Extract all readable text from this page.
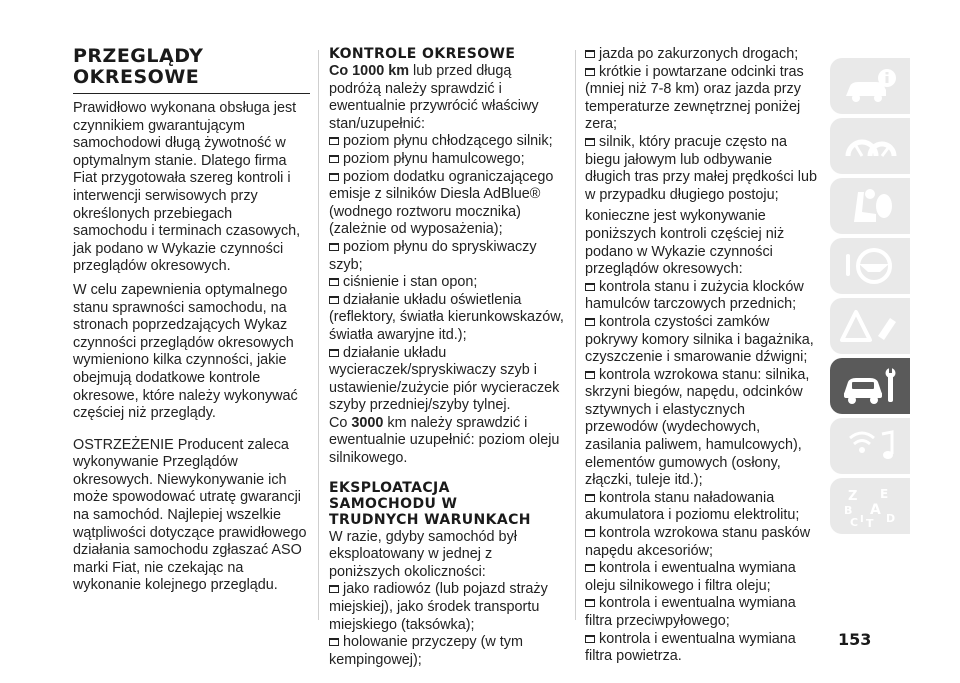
PRZEGLĄDY
OKRESOWE

Prawidłowo wykonana obsługa jest czynnikiem gwarantującym samochodowi długą żywotność w optymalnym stanie. Dlatego firma Fiat przygotowała szereg kontroli i interwencji serwisowych przy określonych przebiegach samochodu i terminach czasowych, jak podano w Wykazie czynności przeglądów okresowych.

W celu zapewnienia optymalnego stanu sprawności samochodu, na stronach poprzedzających Wykaz czynności przeglądów okresowych wymieniono kilka czynności, jakie obejmują dodatkowe kontrole okresowe, które należy wykonywać częściej niż przeglądy.

OSTRZEŻENIE Producent zaleca wykonywanie Przeglądów okresowych. Niewykonywanie ich może spowodować utratę gwarancji na samochód. Najlepiej wszelkie wątpliwości dotyczące prawidłowego działania samochodu zgłaszać ASO marki Fiat, nie czekając na wykonanie kolejnego przeglądu.

KONTROLE OKRESOWE

Co 1000 km lub przed długą podróżą należy sprawdzić i ewentualnie przywrócić właściwy stan/uzupełnić:

poziom płynu chłodzącego silnik;
poziom płynu hamulcowego;
poziom dodatku ograniczającego emisje z silników Diesla AdBlue® (wodnego roztworu mocznika) (zależnie od wyposażenia);
poziom płynu do spryskiwaczy szyb;
ciśnienie i stan opon;
działanie układu oświetlenia (reflektory, światła kierunkowskazów, światła awaryjne itd.);
działanie układu wycieraczek/spryskiwaczy szyb i ustawienie/zużycie piór wycieraczek szyby przedniej/szyby tylnej.

Co 3000 km należy sprawdzić i ewentualnie uzupełnić: poziom oleju silnikowego.

EKSPLOATACJA
SAMOCHODU W
TRUDNYCH WARUNKACH

W razie, gdyby samochód był eksploatowany w jednej z poniższych okoliczności:

jako radiowóz (lub pojazd straży miejskiej), jako środek transportu miejskiego (taksówka);
holowanie przyczepy (w tym kempingowej);
jazda po zakurzonych drogach;
krótkie i powtarzane odcinki tras (mniej niż 7-8 km) oraz jazda przy temperaturze zewnętrznej poniżej zera;
silnik, który pracuje często na biegu jałowym lub odbywanie długich tras przy małej prędkości lub w przypadku długiego postoju;

konieczne jest wykonywanie poniższych kontroli częściej niż podano w Wykazie czynności przeglądów okresowych:

kontrola stanu i zużycia klocków hamulców tarczowych przednich;
kontrola czystości zamków pokrywy komory silnika i bagażnika, czyszczenie i smarowanie dźwigni;
kontrola wzrokowa stanu: silnika, skrzyni biegów, napędu, odcinków sztywnych i elastycznych przewodów (wydechowych, zasilania paliwem, hamulcowych), elementów gumowych (osłony, złączki, tuleje itd.);
kontrola stanu naładowania akumulatora i poziomu elektrolitu;
kontrola wzrokowa stanu pasków napędu akcesoriów;
kontrola i ewentualna wymiana oleju silnikowego i filtra oleju;
kontrola i ewentualna wymiana filtra przeciwpyłowego;
kontrola i ewentualna wymiana filtra powietrza.
Z E
B A
C T D
I
153
